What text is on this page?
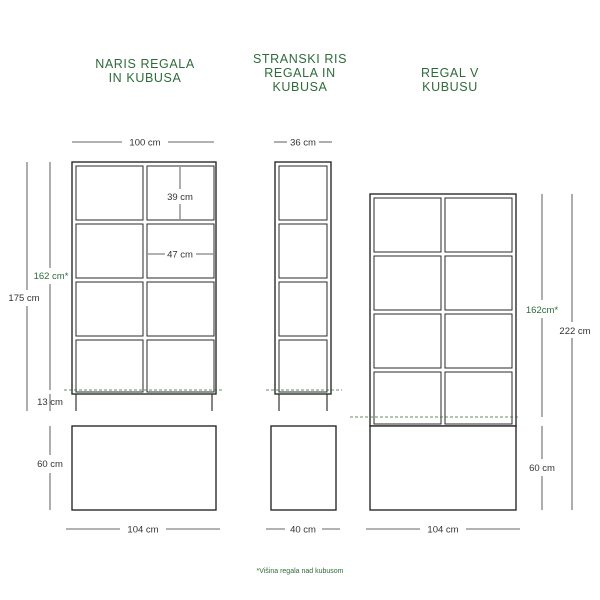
NARIS REGALA
IN KUBUSA
STRANSKI RIS
REGALA IN
KUBUSA
REGAL V
KUBUSU
100 cm
39 cm
47 cm
104 cm
162 cm*
175 cm
13 cm
60 cm
36 cm
40 cm
162cm*
222 cm
60 cm
104 cm
*Višina regala nad kubusom
